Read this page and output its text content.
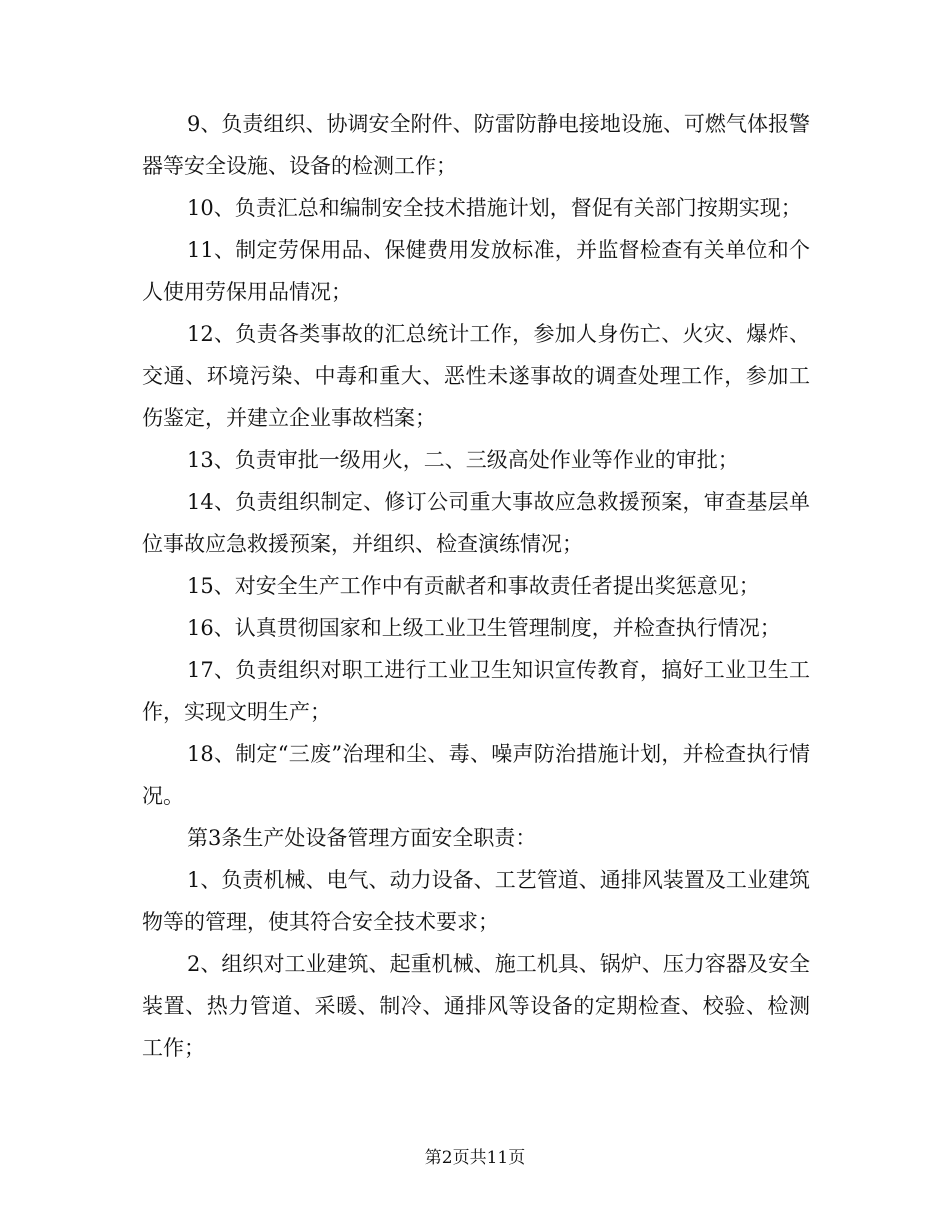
9、负责组织、协调安全附件、防雷防静电接地设施、可燃气体报警器等安全设施、设备的检测工作；

10、负责汇总和编制安全技术措施计划，督促有关部门按期实现；

11、制定劳保用品、保健费用发放标准，并监督检查有关单位和个人使用劳保用品情况；

12、负责各类事故的汇总统计工作，参加人身伤亡、火灾、爆炸、交通、环境污染、中毒和重大、恶性未遂事故的调查处理工作，参加工伤鉴定，并建立企业事故档案；

13、负责审批一级用火，二、三级高处作业等作业的审批；

14、负责组织制定、修订公司重大事故应急救援预案，审查基层单位事故应急救援预案，并组织、检查演练情况；

15、对安全生产工作中有贡献者和事故责任者提出奖惩意见；

16、认真贯彻国家和上级工业卫生管理制度，并检查执行情况；

17、负责组织对职工进行工业卫生知识宣传教育，搞好工业卫生工作，实现文明生产；

18、制定“三废”治理和尘、毒、噪声防治措施计划，并检查执行情况。

第3条生产处设备管理方面安全职责：

1、负责机械、电气、动力设备、工艺管道、通排风装置及工业建筑物等的管理，使其符合安全技术要求；

2、组织对工业建筑、起重机械、施工机具、锅炉、压力容器及安全装置、热力管道、采暖、制冷、通排风等设备的定期检查、校验、检测工作；

第2页共11页
